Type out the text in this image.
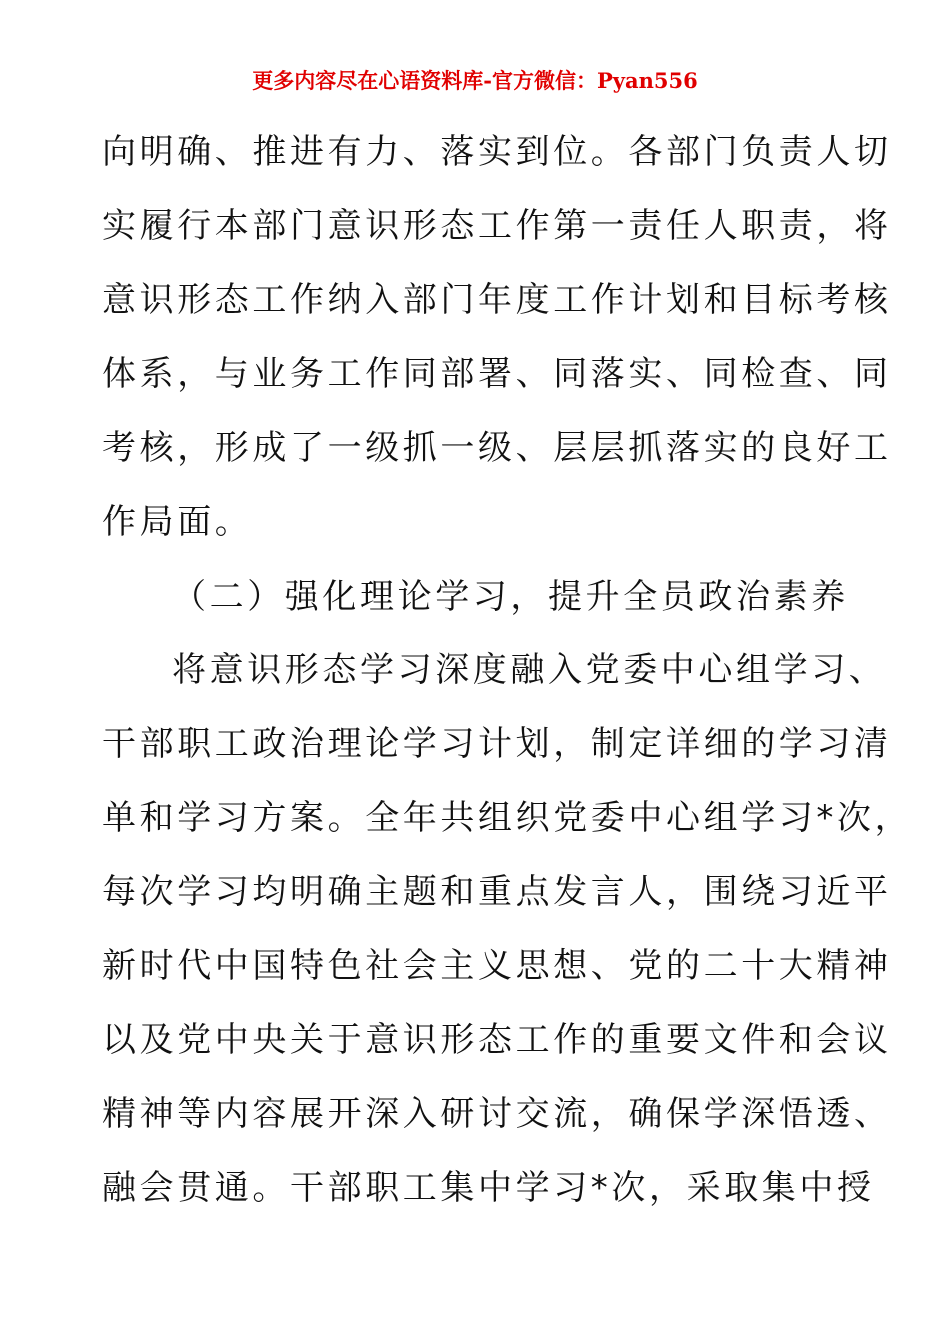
更多内容尽在心语资料库-官方微信：Pyan556
向明确、推进有力、落实到位。各部门负责人切
实履行本部门意识形态工作第一责任人职责，将
意识形态工作纳入部门年度工作计划和目标考核
体系，与业务工作同部署、同落实、同检查、同
考核，形成了一级抓一级、层层抓落实的良好工
作局面。
（二）强化理论学习，提升全员政治素养
将意识形态学习深度融入党委中心组学习、
干部职工政治理论学习计划，制定详细的学习清
单和学习方案。全年共组织党委中心组学习*次，
每次学习均明确主题和重点发言人，围绕习近平
新时代中国特色社会主义思想、党的二十大精神
以及党中央关于意识形态工作的重要文件和会议
精神等内容展开深入研讨交流，确保学深悟透、
融会贯通。干部职工集中学习*次，采取集中授
